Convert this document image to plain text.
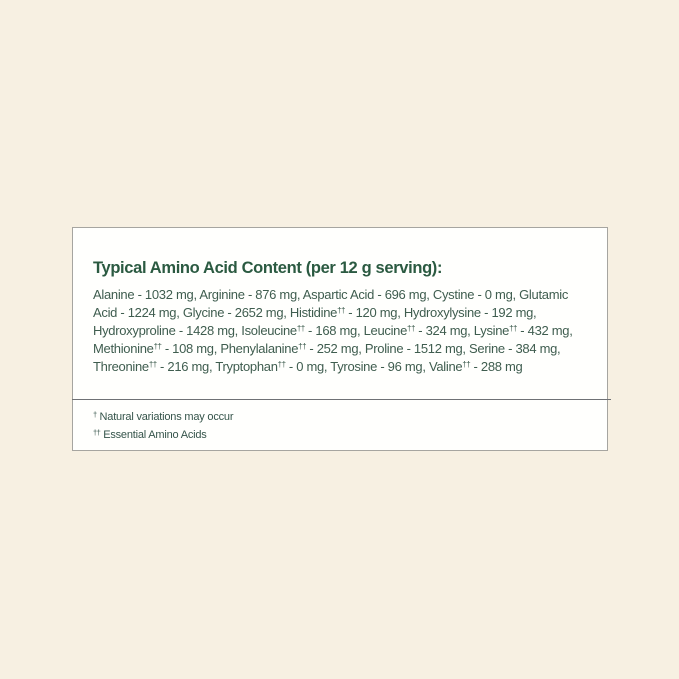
Typical Amino Acid Content (per 12 g serving):

Alanine - 1032 mg, Arginine - 876 mg, Aspartic Acid - 696 mg, Cystine - 0 mg, Glutamic Acid - 1224 mg, Glycine - 2652 mg, Histidine†† - 120 mg, Hydroxylysine - 192 mg, Hydroxyproline - 1428 mg, Isoleucine†† - 168 mg, Leucine†† - 324 mg, Lysine†† - 432 mg, Methionine†† - 108 mg, Phenylalanine†† - 252 mg, Proline - 1512 mg, Serine - 384 mg, Threonine†† - 216 mg, Tryptophan†† - 0 mg, Tyrosine - 96 mg, Valine†† - 288 mg

† Natural variations may occur
†† Essential Amino Acids
